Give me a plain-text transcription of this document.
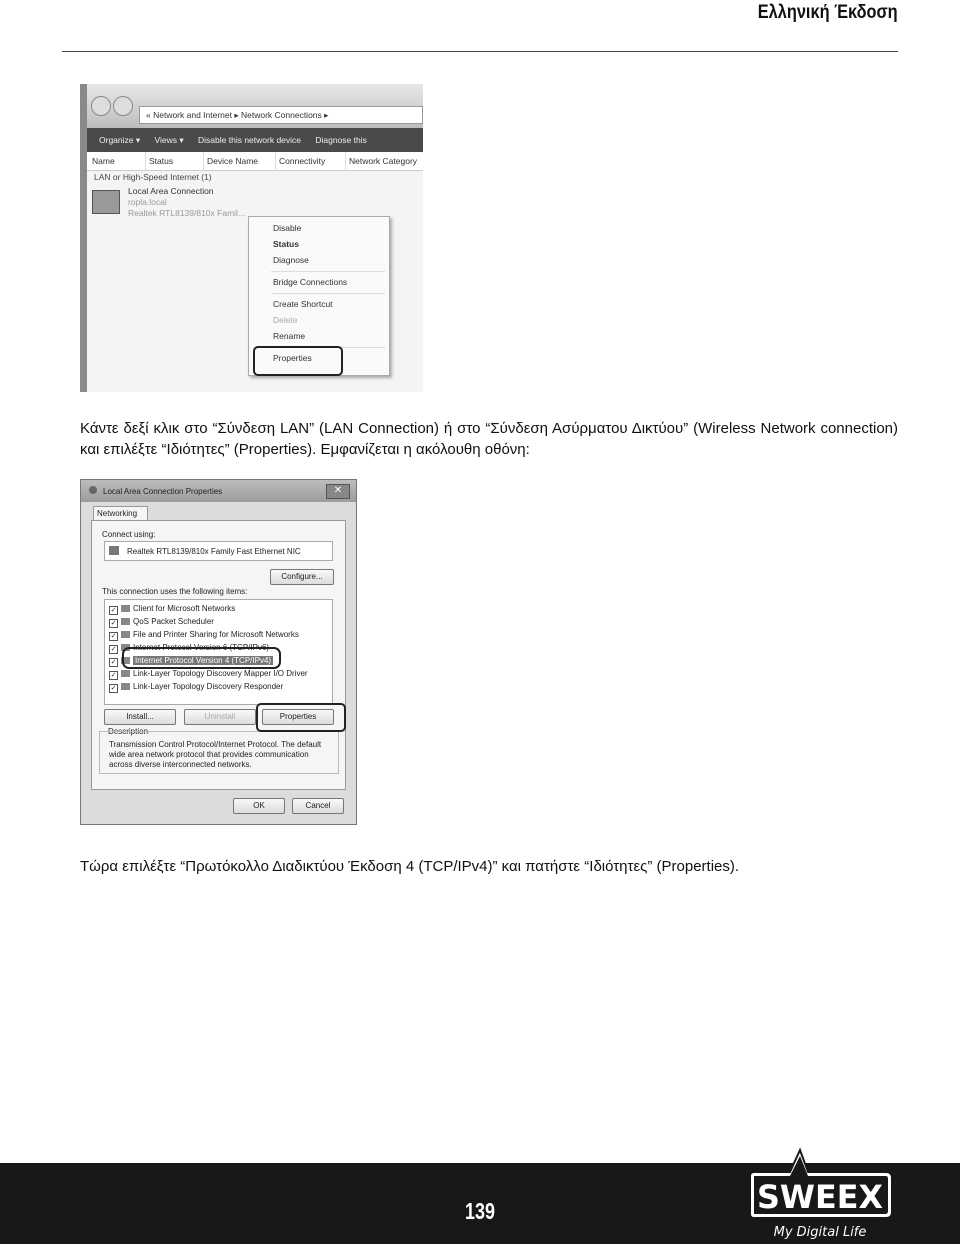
Ελληνική Έκδοση
« Network and Internet ▸ Network Connections ▸
Organize ▾ Views ▾ Disable this network device Diagnose this
Name	Status	Device Name	Connectivity	Network Category
LAN or High-Speed Internet (1)
Local Area Connection
ropla.local
Realtek RTL8139/810x Famil...
Disable
Status
Diagnose
Bridge Connections
Create Shortcut
Delete
Rename
Properties
Κάντε δεξί κλικ στο “Σύνδεση LAN” (LAN Connection) ή στο “Σύνδεση Ασύρματου Δικτύου” (Wireless Network connection) και επιλέξτε “Ιδιότητες” (Properties). Εμφανίζεται η ακόλουθη οθόνη:
Local Area Connection Properties	✕
Networking
Connect using:
Realtek RTL8139/810x Family Fast Ethernet NIC
Configure...
This connection uses the following items:
✓ Client for Microsoft Networks
✓ QoS Packet Scheduler
✓ File and Printer Sharing for Microsoft Networks
✓ Internet Protocol Version 6 (TCP/IPv6)
✓ Internet Protocol Version 4 (TCP/IPv4)
✓ Link-Layer Topology Discovery Mapper I/O Driver
✓ Link-Layer Topology Discovery Responder
Install...	Uninstall	Properties
Description
Transmission Control Protocol/Internet Protocol. The default wide area network protocol that provides communication across diverse interconnected networks.
OK	Cancel
Τώρα επιλέξτε “Πρωτόκολλο Διαδικτύου Έκδοση 4 (TCP/IPv4)” και πατήστε “Ιδιότητες” (Properties).
139	SWEEX
My Digital Life
